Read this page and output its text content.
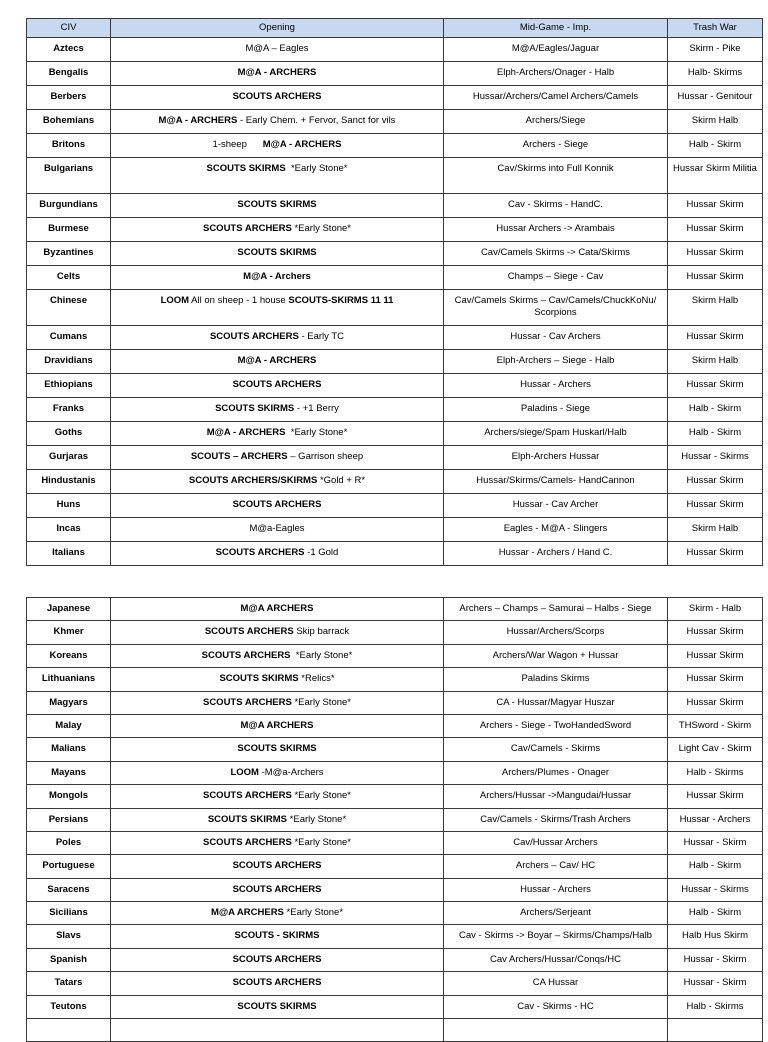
CIV	Opening	Mid-Game - Imp.	Trash War
Aztecs	M@A – Eagles	M@A/Eagles/Jaguar	Skirm - Pike
Bengalis	M@A - ARCHERS	Elph-Archers/Onager - Halb	Halb- Skirms
Berbers	SCOUTS ARCHERS	Hussar/Archers/Camel Archers/Camels	Hussar - Genitour
Bohemians	M@A - ARCHERS - Early Chem. + Fervor, Sanct for vils	Archers/Siege	Skirm Halb
Britons	1-sheep      M@A - ARCHERS	Archers - Siege	Halb - Skirm
Bulgarians	SCOUTS SKIRMS  *Early Stone*	Cav/Skirms into Full Konnik	Hussar Skirm Militia
Burgundians	SCOUTS SKIRMS	Cav - Skirms - HandC.	Hussar Skirm
Burmese	SCOUTS ARCHERS *Early Stone*	Hussar Archers -> Arambais	Hussar Skirm
Byzantines	SCOUTS SKIRMS	Cav/Camels Skirms -> Cata/Skirms	Hussar Skirm
Celts	M@A - Archers	Champs – Siege - Cav	Hussar Skirm
Chinese	LOOM All on sheep - 1 house SCOUTS-SKIRMS 11 11	Cav/Camels Skirms – Cav/Camels/ChuckKoNu/ Scorpions	Skirm Halb
Cumans	SCOUTS ARCHERS - Early TC	Hussar - Cav Archers	Hussar Skirm
Dravidians	M@A - ARCHERS	Elph-Archers – Siege - Halb	Skirm Halb
Ethiopians	SCOUTS ARCHERS	Hussar - Archers	Hussar Skirm
Franks	SCOUTS SKIRMS - +1 Berry	Paladins - Siege	Halb - Skirm
Goths	M@A - ARCHERS  *Early Stone*	Archers/siege/Spam Huskarl/Halb	Halb - Skirm
Gurjaras	SCOUTS – ARCHERS – Garrison sheep	Elph-Archers Hussar	Hussar - Skirms
Hindustanis	SCOUTS ARCHERS/SKIRMS *Gold + R*	Hussar/Skirms/Camels- HandCannon	Hussar Skirm
Huns	SCOUTS ARCHERS	Hussar - Cav Archer	Hussar Skirm
Incas	M@a-Eagles	Eagles - M@A - Slingers	Skirm Halb
Italians	SCOUTS ARCHERS -1 Gold	Hussar - Archers / Hand C.	Hussar Skirm
Japanese	M@A ARCHERS	Archers – Champs – Samurai – Halbs - Siege	Skirm - Halb
Khmer	SCOUTS ARCHERS Skip barrack	Hussar/Archers/Scorps	Hussar Skirm
Koreans	SCOUTS ARCHERS  *Early Stone*	Archers/War Wagon + Hussar	Hussar Skirm
Lithuanians	SCOUTS SKIRMS *Relics*	Paladins Skirms	Hussar Skirm
Magyars	SCOUTS ARCHERS *Early Stone*	CA - Hussar/Magyar Huszar	Hussar Skirm
Malay	M@A ARCHERS	Archers - Siege - TwoHandedSword	THSword - Skirm
Malians	SCOUTS SKIRMS	Cav/Camels - Skirms	Light Cav - Skirm
Mayans	LOOM -M@a-Archers	Archers/Plumes - Onager	Halb - Skirms
Mongols	SCOUTS ARCHERS *Early Stone*	Archers/Hussar ->Mangudai/Hussar	Hussar Skirm
Persians	SCOUTS SKIRMS *Early Stone*	Cav/Camels - Skirms/Trash Archers	Hussar - Archers
Poles	SCOUTS ARCHERS *Early Stone*	Cav/Hussar Archers	Hussar - Skirm
Portuguese	SCOUTS ARCHERS	Archers – Cav/ HC	Halb - Skirm
Saracens	SCOUTS ARCHERS	Hussar - Archers	Hussar - Skirms
Sicilians	M@A ARCHERS *Early Stone*	Archers/Serjeant	Halb - Skirm
Slavs	SCOUTS - SKIRMS	Cav - Skirms -> Boyar – Skirms/Champs/Halb	Halb Hus Skirm
Spanish	SCOUTS ARCHERS	Cav Archers/Hussar/Conqs/HC	Hussar - Skirm
Tatars	SCOUTS ARCHERS	CA Hussar	Hussar - Skirm
Teutons	SCOUTS SKIRMS	Cav - Skirms - HC	Halb - Skirms
